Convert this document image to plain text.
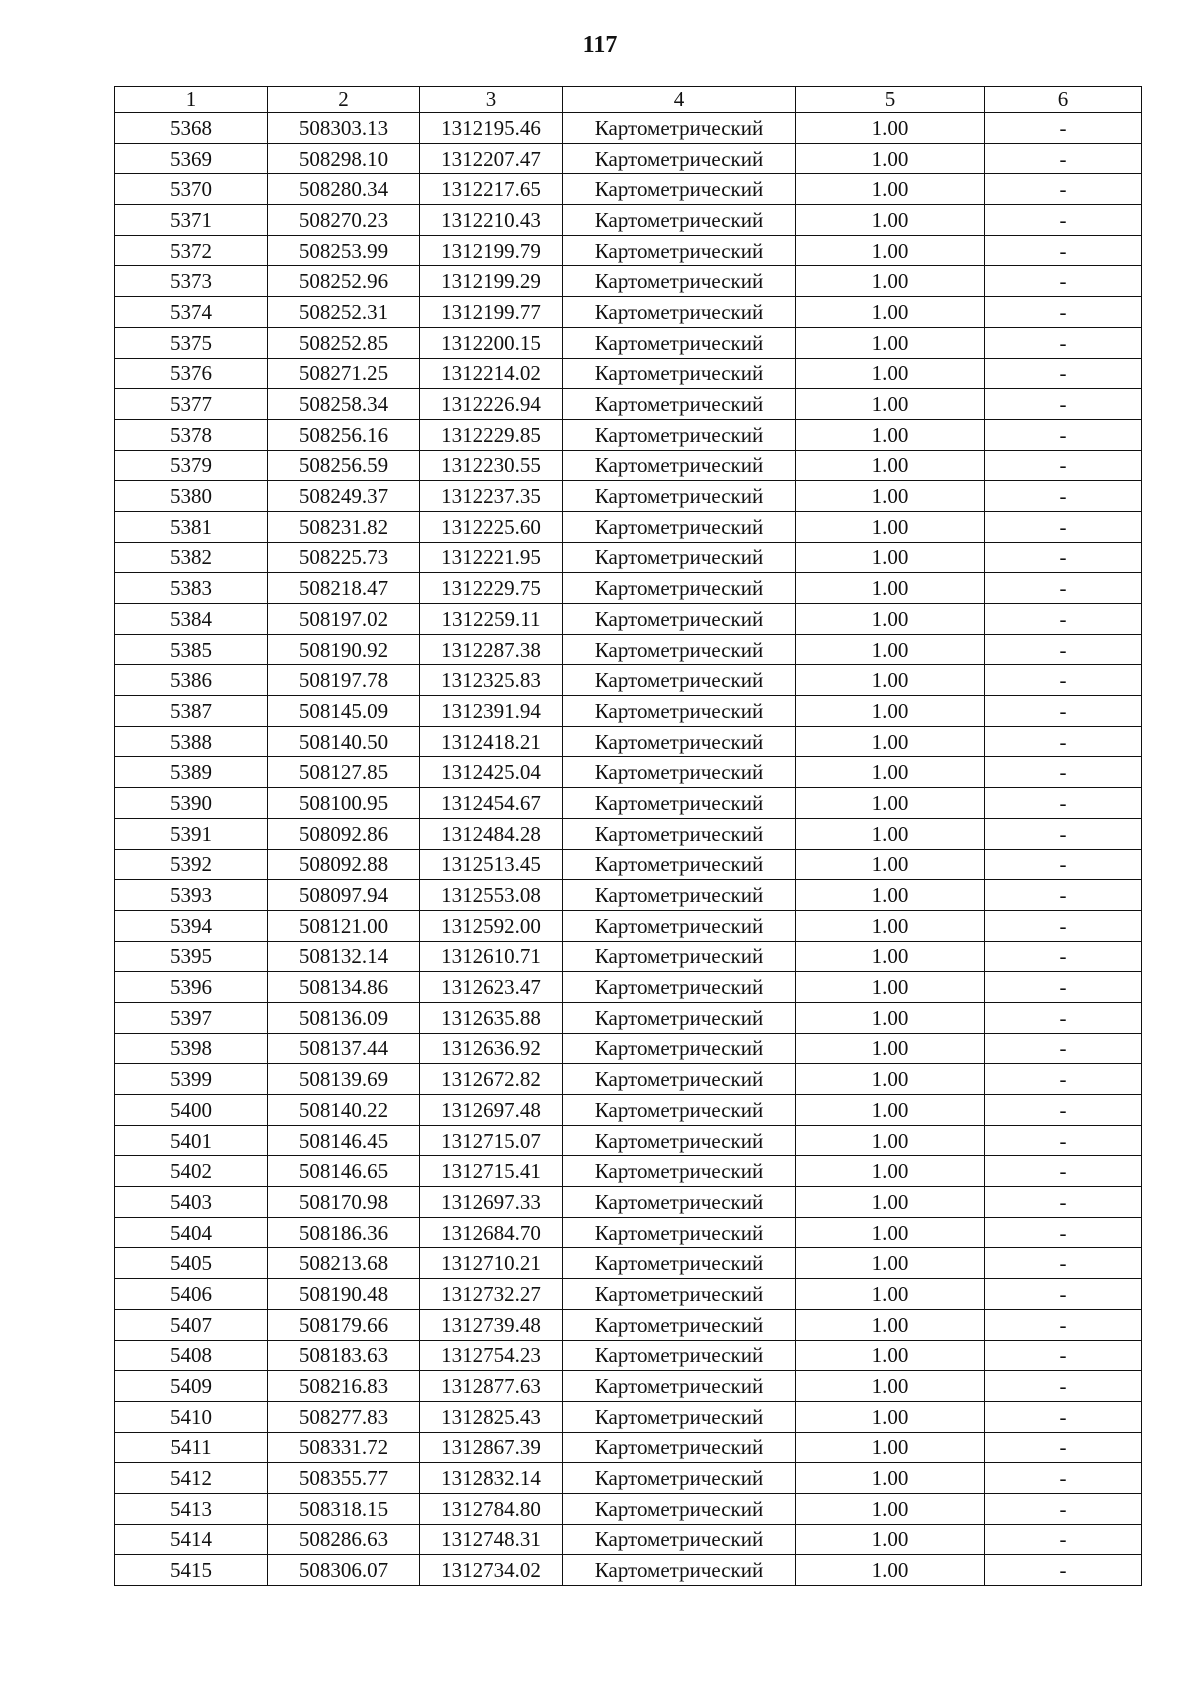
117
1	2	3	4	5	6
5368	508303.13	1312195.46	Картометрический	1.00	-
5369	508298.10	1312207.47	Картометрический	1.00	-
5370	508280.34	1312217.65	Картометрический	1.00	-
5371	508270.23	1312210.43	Картометрический	1.00	-
5372	508253.99	1312199.79	Картометрический	1.00	-
5373	508252.96	1312199.29	Картометрический	1.00	-
5374	508252.31	1312199.77	Картометрический	1.00	-
5375	508252.85	1312200.15	Картометрический	1.00	-
5376	508271.25	1312214.02	Картометрический	1.00	-
5377	508258.34	1312226.94	Картометрический	1.00	-
5378	508256.16	1312229.85	Картометрический	1.00	-
5379	508256.59	1312230.55	Картометрический	1.00	-
5380	508249.37	1312237.35	Картометрический	1.00	-
5381	508231.82	1312225.60	Картометрический	1.00	-
5382	508225.73	1312221.95	Картометрический	1.00	-
5383	508218.47	1312229.75	Картометрический	1.00	-
5384	508197.02	1312259.11	Картометрический	1.00	-
5385	508190.92	1312287.38	Картометрический	1.00	-
5386	508197.78	1312325.83	Картометрический	1.00	-
5387	508145.09	1312391.94	Картометрический	1.00	-
5388	508140.50	1312418.21	Картометрический	1.00	-
5389	508127.85	1312425.04	Картометрический	1.00	-
5390	508100.95	1312454.67	Картометрический	1.00	-
5391	508092.86	1312484.28	Картометрический	1.00	-
5392	508092.88	1312513.45	Картометрический	1.00	-
5393	508097.94	1312553.08	Картометрический	1.00	-
5394	508121.00	1312592.00	Картометрический	1.00	-
5395	508132.14	1312610.71	Картометрический	1.00	-
5396	508134.86	1312623.47	Картометрический	1.00	-
5397	508136.09	1312635.88	Картометрический	1.00	-
5398	508137.44	1312636.92	Картометрический	1.00	-
5399	508139.69	1312672.82	Картометрический	1.00	-
5400	508140.22	1312697.48	Картометрический	1.00	-
5401	508146.45	1312715.07	Картометрический	1.00	-
5402	508146.65	1312715.41	Картометрический	1.00	-
5403	508170.98	1312697.33	Картометрический	1.00	-
5404	508186.36	1312684.70	Картометрический	1.00	-
5405	508213.68	1312710.21	Картометрический	1.00	-
5406	508190.48	1312732.27	Картометрический	1.00	-
5407	508179.66	1312739.48	Картометрический	1.00	-
5408	508183.63	1312754.23	Картометрический	1.00	-
5409	508216.83	1312877.63	Картометрический	1.00	-
5410	508277.83	1312825.43	Картометрический	1.00	-
5411	508331.72	1312867.39	Картометрический	1.00	-
5412	508355.77	1312832.14	Картометрический	1.00	-
5413	508318.15	1312784.80	Картометрический	1.00	-
5414	508286.63	1312748.31	Картометрический	1.00	-
5415	508306.07	1312734.02	Картометрический	1.00	-
